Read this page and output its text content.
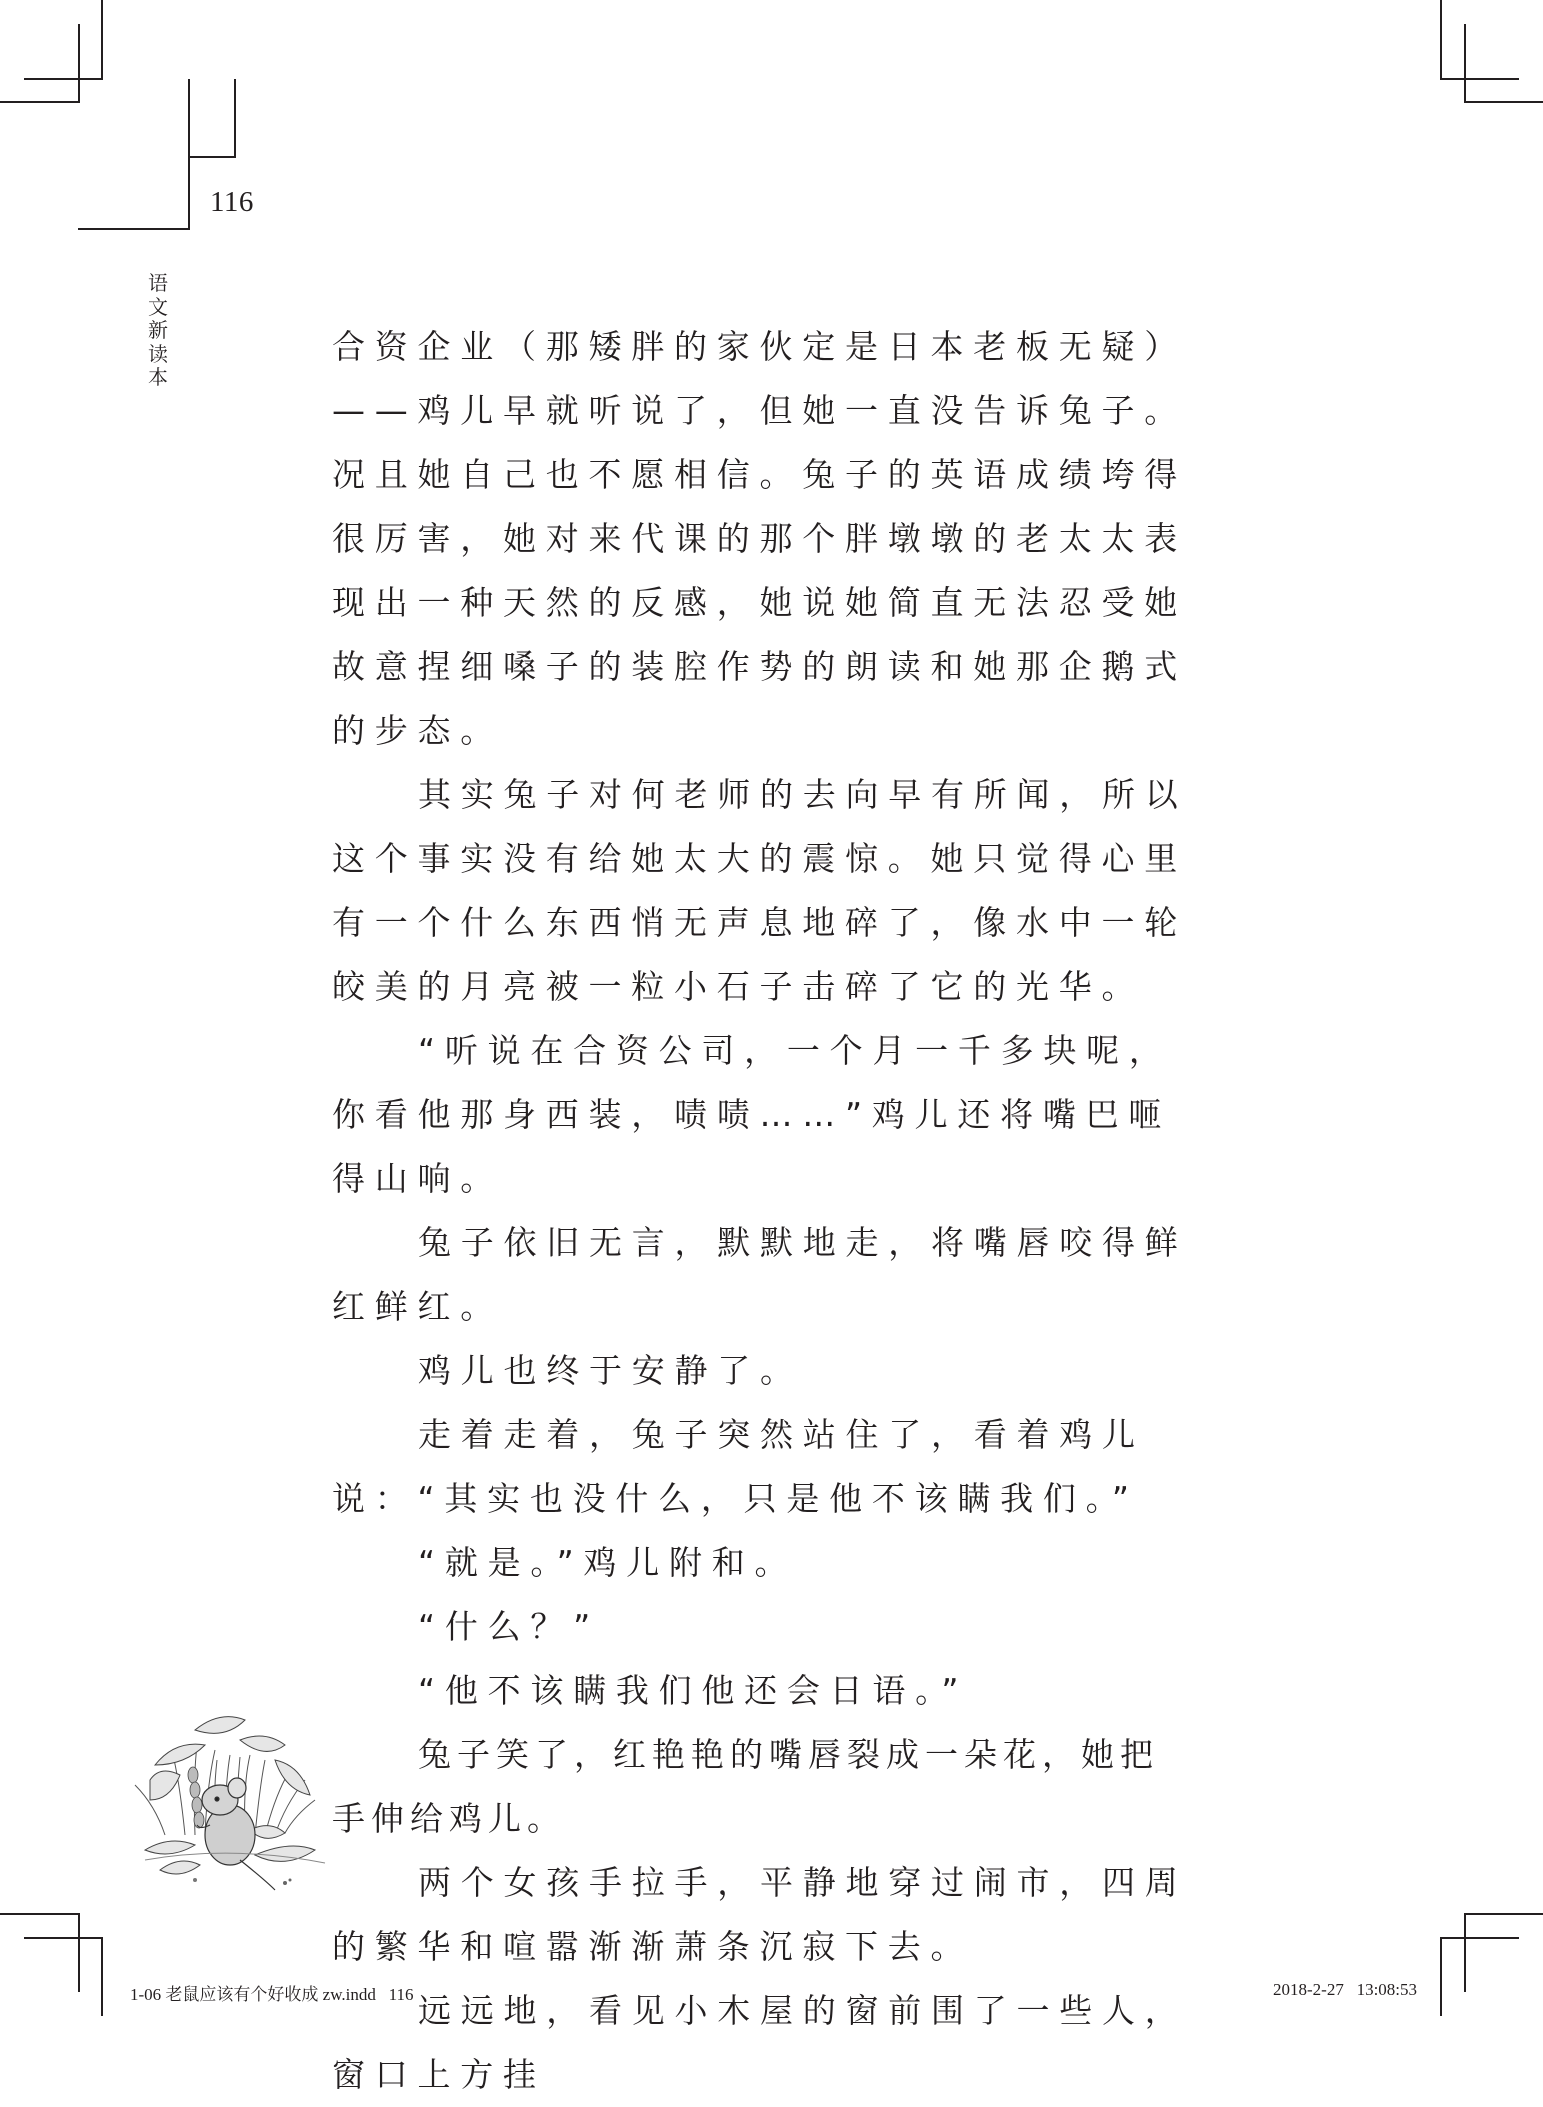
116
语文新读本

合资企业（那矮胖的家伙定是日本老板无疑）——鸡儿早就听说了，但她一直没告诉兔子。况且她自己也不愿相信。兔子的英语成绩垮得很厉害，她对来代课的那个胖墩墩的老太太表现出一种天然的反感，她说她简直无法忍受她故意捏细嗓子的装腔作势的朗读和她那企鹅式的步态。

其实兔子对何老师的去向早有所闻，所以这个事实没有给她太大的震惊。她只觉得心里有一个什么东西悄无声息地碎了，像水中一轮皎美的月亮被一粒小石子击碎了它的光华。

“听说在合资公司，一个月一千多块呢，你看他那身西装，啧啧……”鸡儿还将嘴巴咂得山响。

兔子依旧无言，默默地走，将嘴唇咬得鲜红鲜红。

鸡儿也终于安静了。

走着走着，兔子突然站住了，看着鸡儿说：“其实也没什么，只是他不该瞒我们。”

“就是。”鸡儿附和。

“什么？”

“他不该瞒我们他还会日语。”

兔子笑了，红艳艳的嘴唇裂成一朵花，她把手伸给鸡儿。

两个女孩手拉手，平静地穿过闹市，四周的繁华和喧嚣渐渐萧条沉寂下去。

远远地，看见小木屋的窗前围了一些人，窗口上方挂

1-06 老鼠应该有个好收成 zw.indd   116	2018-2-27   13:08:53
